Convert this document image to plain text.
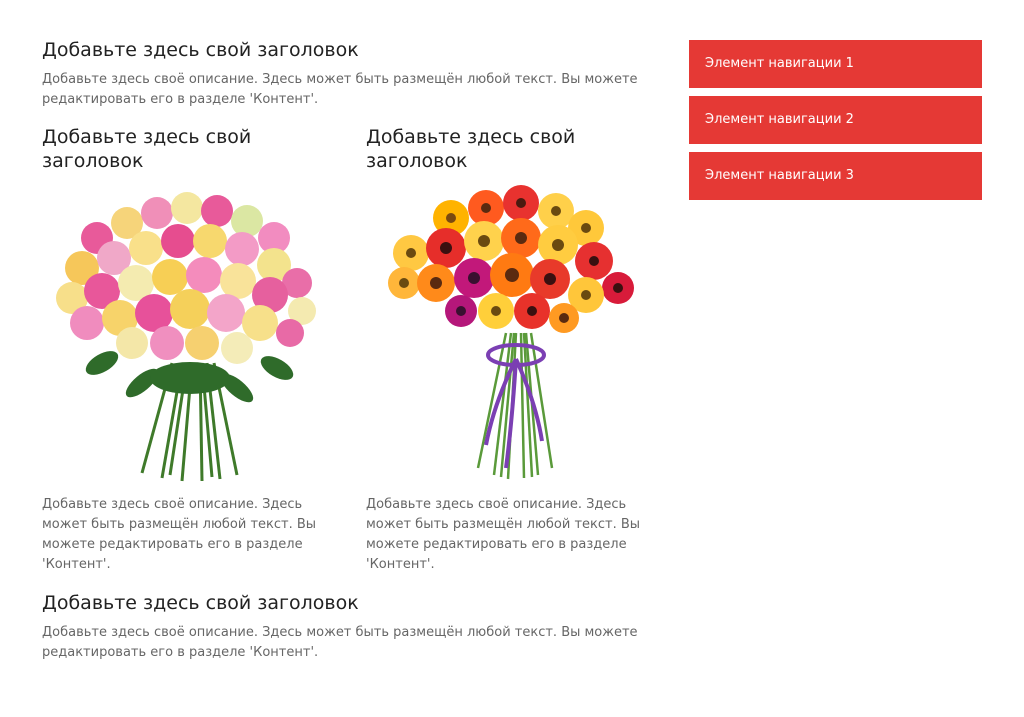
Добавьте здесь свой заголовок

Добавьте здесь своё описание. Здесь может быть размещён любой текст. Вы можете редактировать его в разделе 'Контент'.

Добавьте здесь свой заголовок

Добавьте здесь своё описание. Здесь может быть размещён любой текст. Вы можете редактировать его в разделе 'Контент'.

Добавьте здесь свой заголовок

Добавьте здесь своё описание. Здесь может быть размещён любой текст. Вы можете редактировать его в разделе 'Контент'.

Добавьте здесь свой заголовок

Добавьте здесь своё описание. Здесь может быть размещён любой текст. Вы можете редактировать его в разделе 'Контент'.

Элемент навигации 1
Элемент навигации 2
Элемент навигации 3
